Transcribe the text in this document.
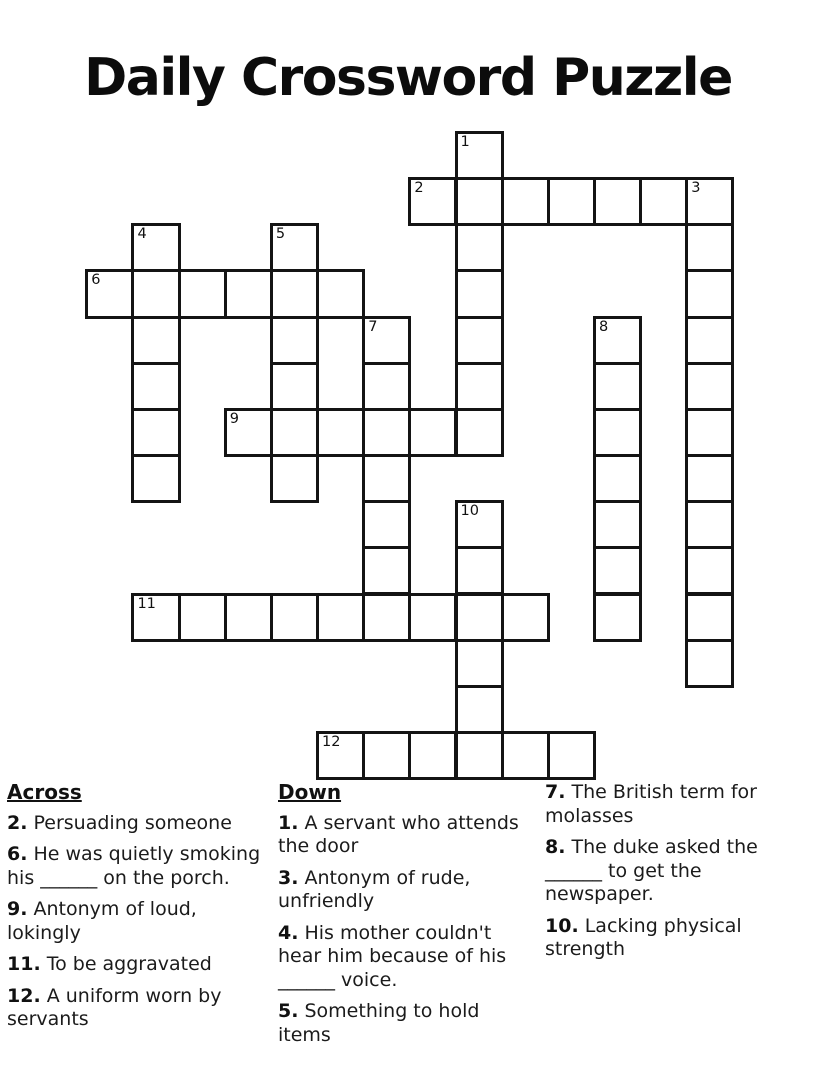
Daily Crossword Puzzle
1
2	3
4	5
6
7	8
9
10
11
12

Across

2. Persuading someone

6. He was quietly smoking his ______ on the porch.

9. Antonym of loud, lokingly

11. To be aggravated

12. A uniform worn by servants

Down

1. A servant who attends the door

3. Antonym of rude, unfriendly

4. His mother couldn't hear him because of his ______ voice.

5. Something to hold items

7. The British term for molasses

8. The duke asked the ______ to get the newspaper.

10. Lacking physical strength
